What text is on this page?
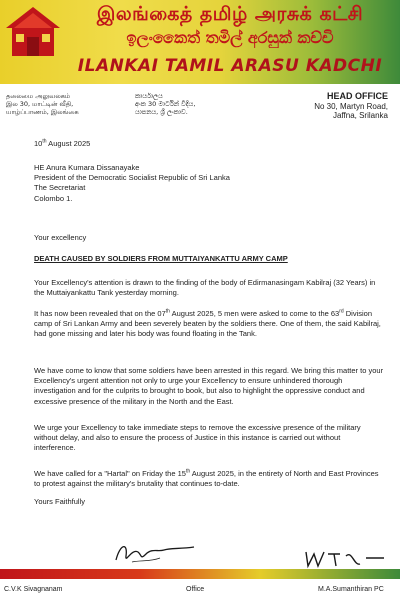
இலங்கைத் தமிழ் அரசுக் கட்சி
ඉලංකෛත් තමිල් අරසුක් කච්චි
ILANKAI TAMIL ARASU KADCHI
தலைமை அலுவலகம்
இல 30, மாட்டின் வீதி,
யாழ்ப்பாணம், இலங்கை
කාර්යාලය
අංක 30 මාර්ටින් වීදිය,
යාපනය, ශ්‍රී ලංකාව.
HEAD OFFICE
No 30, Martyn Road,
Jaffna, Srilanka
10th August 2025
HE Anura Kumara Dissanayake
President of the Democratic Socialist Republic of Sri Lanka
The Secretariat
Colombo 1.
Your excellency
DEATH CAUSED BY SOLDIERS FROM MUTTAIYANKATTU ARMY CAMP

Your Excellency's attention is drawn to the finding of the body of Edirmanasingam Kabilraj (32 Years) in the Muttaiyankattu Tank yesterday morning.

It has now been revealed that on the 07th August 2025, 5 men were asked to come to the 63rd Division camp of Sri Lankan Army and been severely beaten by the soldiers there. One of them, the said Kabilraj, had gone missing and later his body was found floating in the Tank.

We have come to know that some soldiers have been arrested in this regard. We bring this matter to your Excellency's urgent attention not only to urge your Excellency to ensure unhindered thorough investigation and for the culprits to brought to book, but also to highlight the oppressive conduct and excessive presence of the military in the North and the East.

We urge your Excellency to take immediate steps to remove the excessive presence of the military without delay, and also to ensure the process of Justice in this instance is carried out without interference.

We have called for a "Hartal" on Friday the 15th August 2025, in the entirety of North and East Provinces to protest against the military's brutality that continues to-date.

Yours Faithfully
C.V.K Sivagnanam	Office	M.A.Sumanthiran PC
